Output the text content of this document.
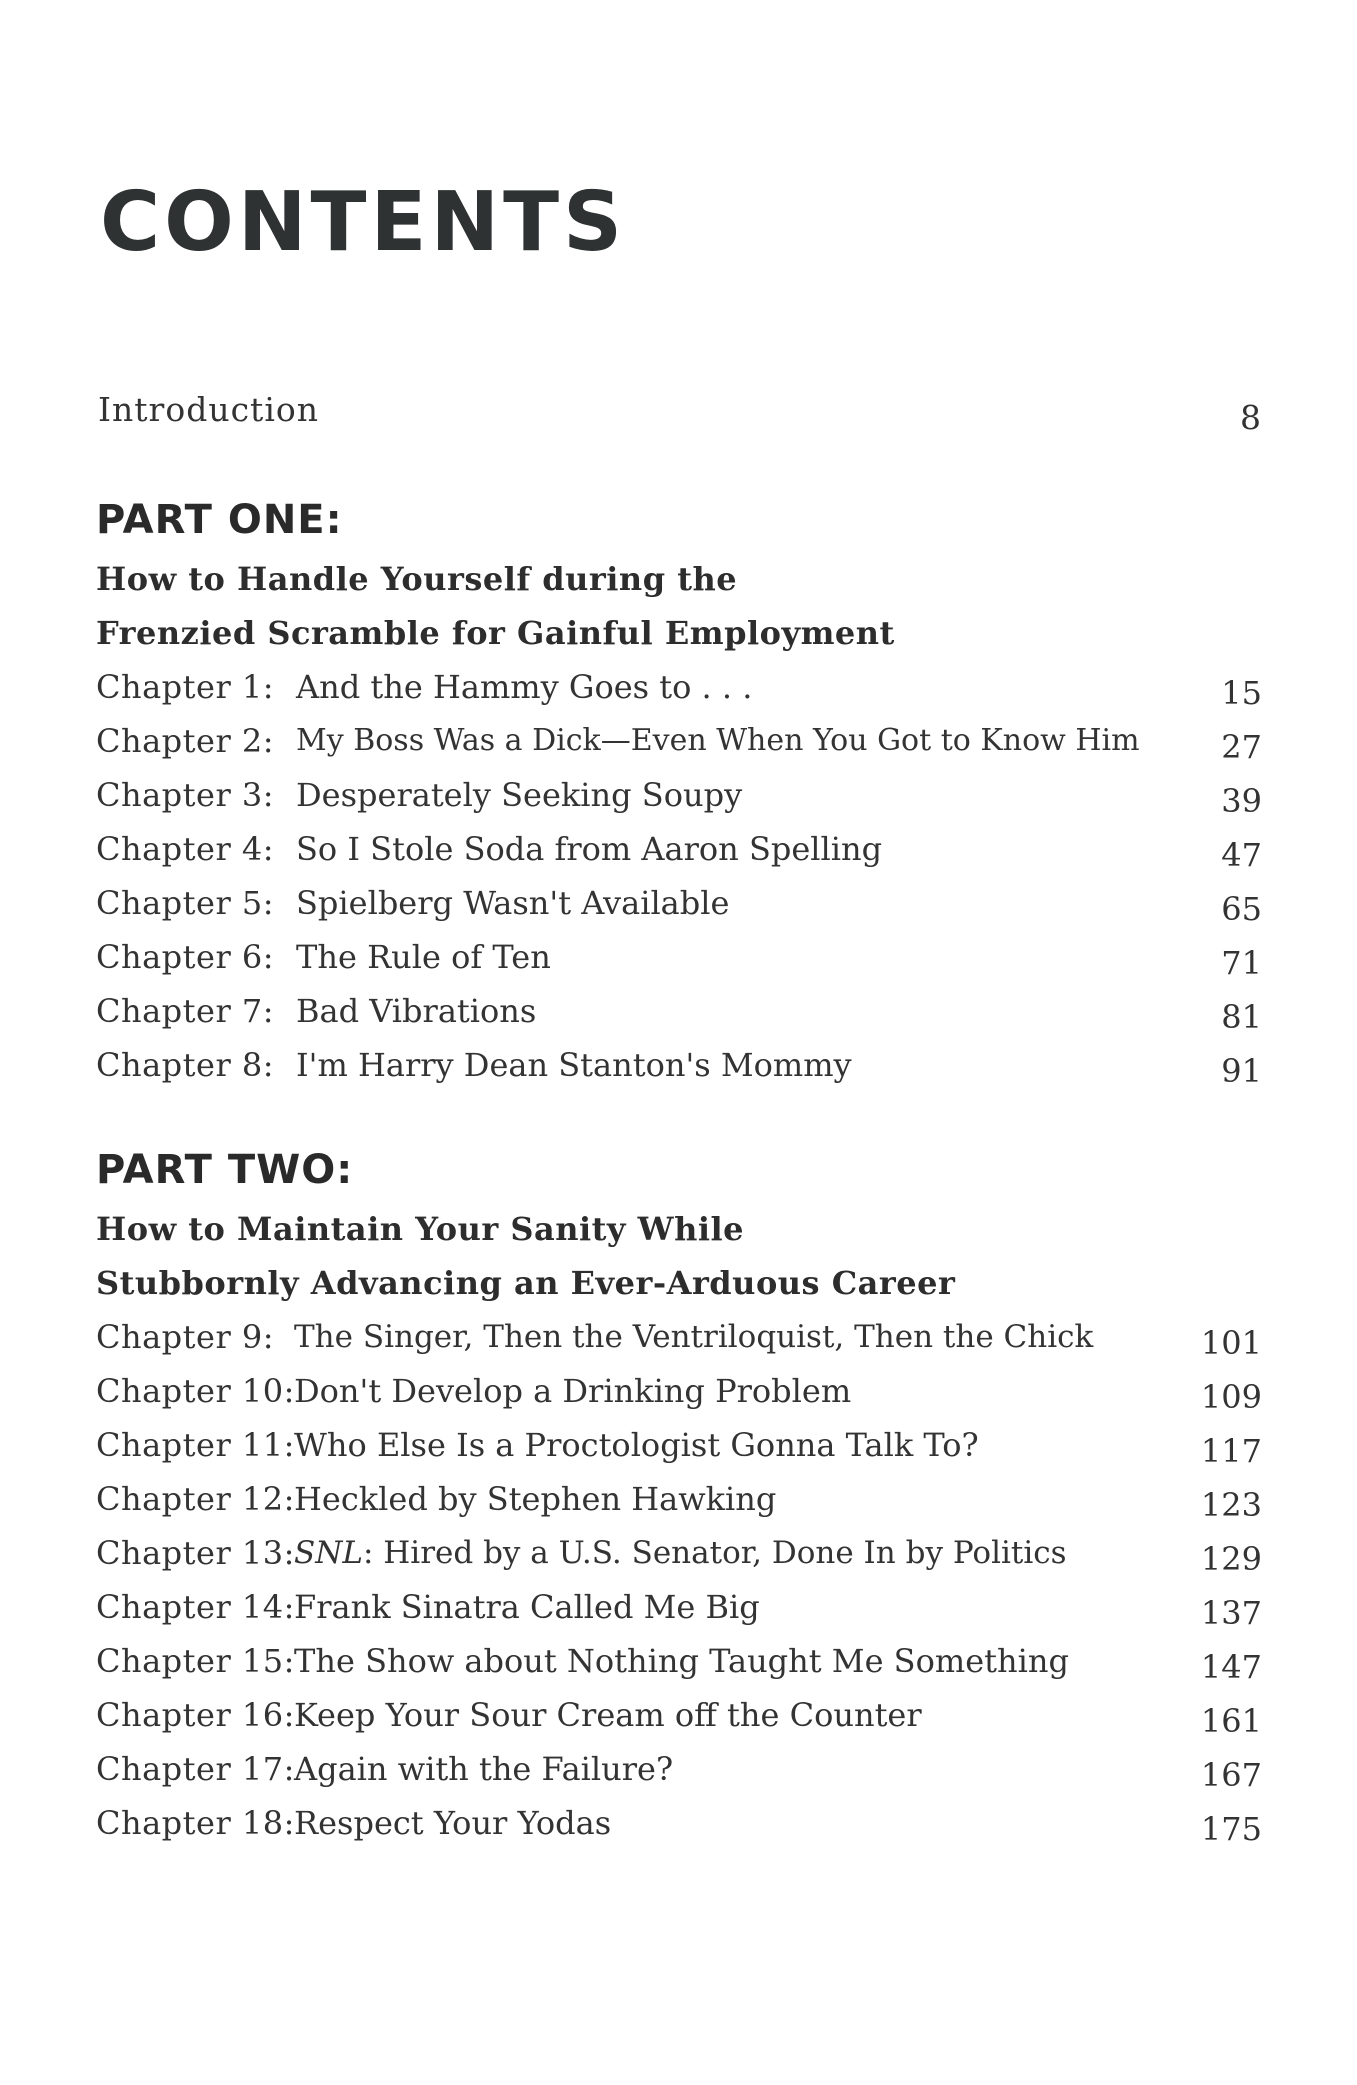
CONTENTS
Introduction	8
PART ONE:
How to Handle Yourself during the
Frenzied Scramble for Gainful Employment
Chapter 1: And the Hammy Goes to . . .	15
Chapter 2: My Boss Was a Dick—Even When You Got to Know Him	27
Chapter 3: Desperately Seeking Soupy	39
Chapter 4: So I Stole Soda from Aaron Spelling	47
Chapter 5: Spielberg Wasn't Available	65
Chapter 6: The Rule of Ten	71
Chapter 7: Bad Vibrations	81
Chapter 8: I'm Harry Dean Stanton's Mommy	91
PART TWO:
How to Maintain Your Sanity While
Stubbornly Advancing an Ever-Arduous Career
Chapter 9: The Singer, Then the Ventriloquist, Then the Chick	101
Chapter 10: Don't Develop a Drinking Problem	109
Chapter 11: Who Else Is a Proctologist Gonna Talk To?	117
Chapter 12: Heckled by Stephen Hawking	123
Chapter 13: SNL: Hired by a U.S. Senator, Done In by Politics	129
Chapter 14: Frank Sinatra Called Me Big	137
Chapter 15: The Show about Nothing Taught Me Something	147
Chapter 16: Keep Your Sour Cream off the Counter	161
Chapter 17: Again with the Failure?	167
Chapter 18: Respect Your Yodas	175
